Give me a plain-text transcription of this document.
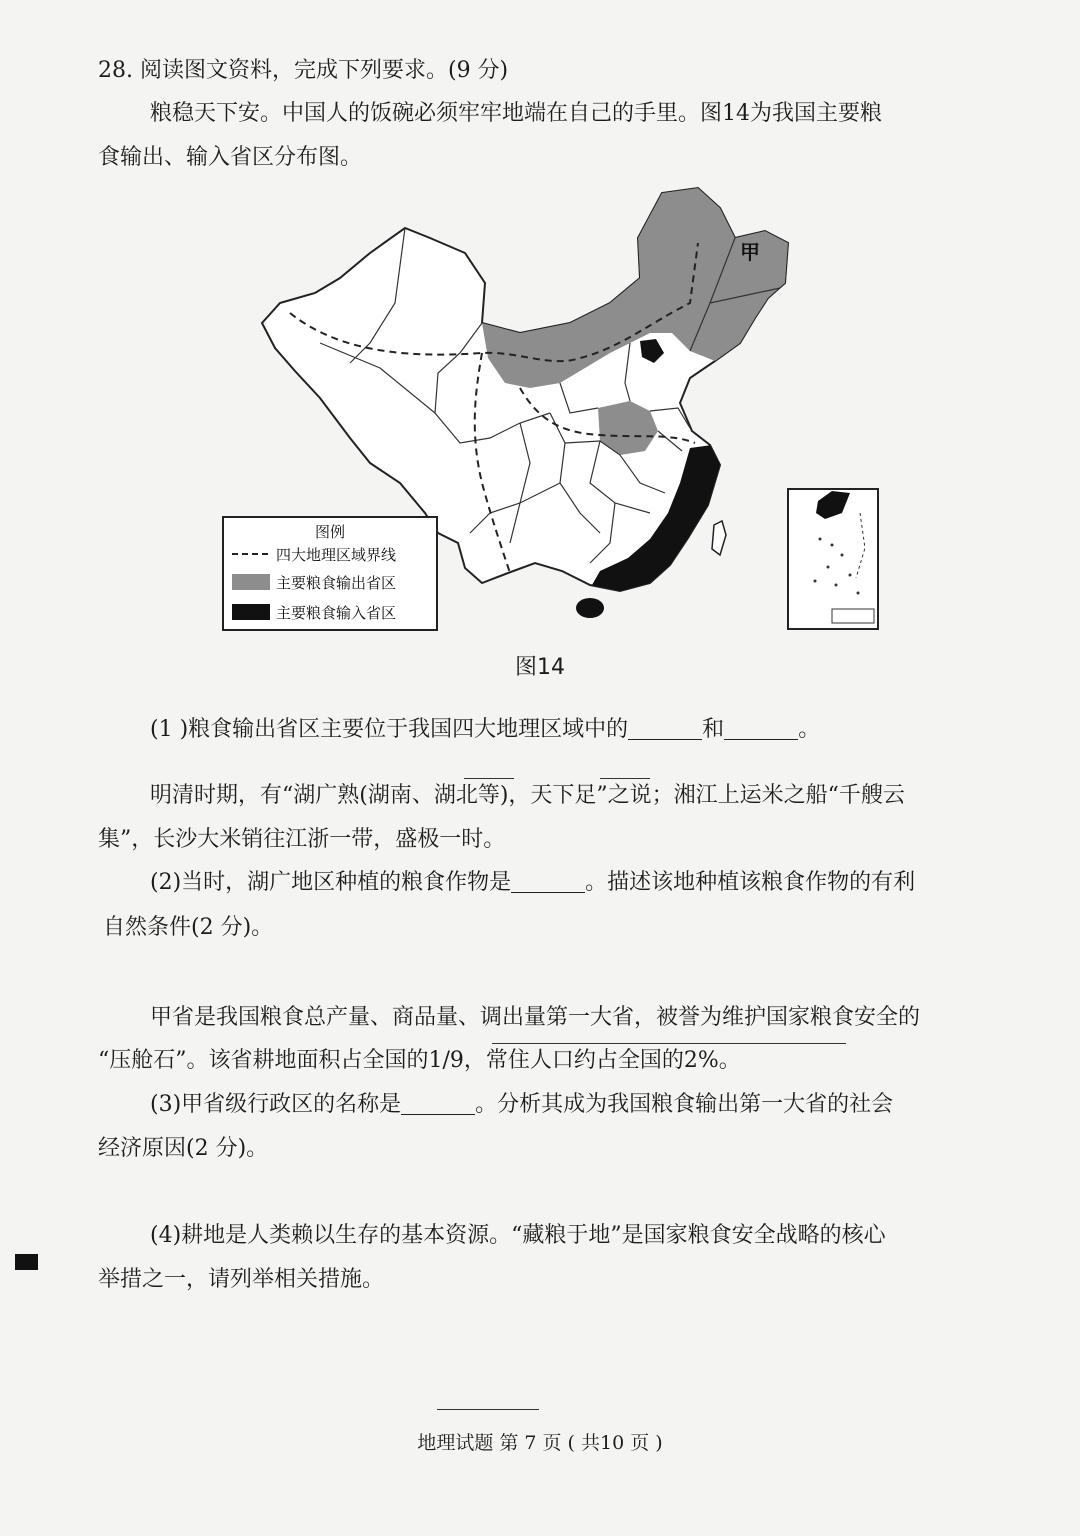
28. 阅读图文资料，完成下列要求。(9 分)
粮稳天下安。中国人的饭碗必须牢牢地端在自己的手里。图14为我国主要粮
食输出、输入省区分布图。
甲
图例
四大地理区域界线
主要粮食输出省区
主要粮食输入省区
图14
(1 )粮食输出省区主要位于我国四大地理区域中的	和	。
明清时期，有“湖广熟(湖南、湖北等)，天下足”之说；湘江上运米之船“千艘云
集”，长沙大米销往江浙一带，盛极一时。
(2)当时，湖广地区种植的粮食作物是	。描述该地种植该粮食作物的有利
自然条件(2 分)。
甲省是我国粮食总产量、商品量、调出量第一大省，被誉为维护国家粮食安全的
“压舱石”。该省耕地面积占全国的1/9，常住人口约占全国的2%。
(3)甲省级行政区的名称是	。分析其成为我国粮食输出第一大省的社会
经济原因(2 分)。
(4)耕地是人类赖以生存的基本资源。“藏粮于地”是国家粮食安全战略的核心
举措之一，请列举相关措施。
地理试题 第 7 页 ( 共10 页 )
